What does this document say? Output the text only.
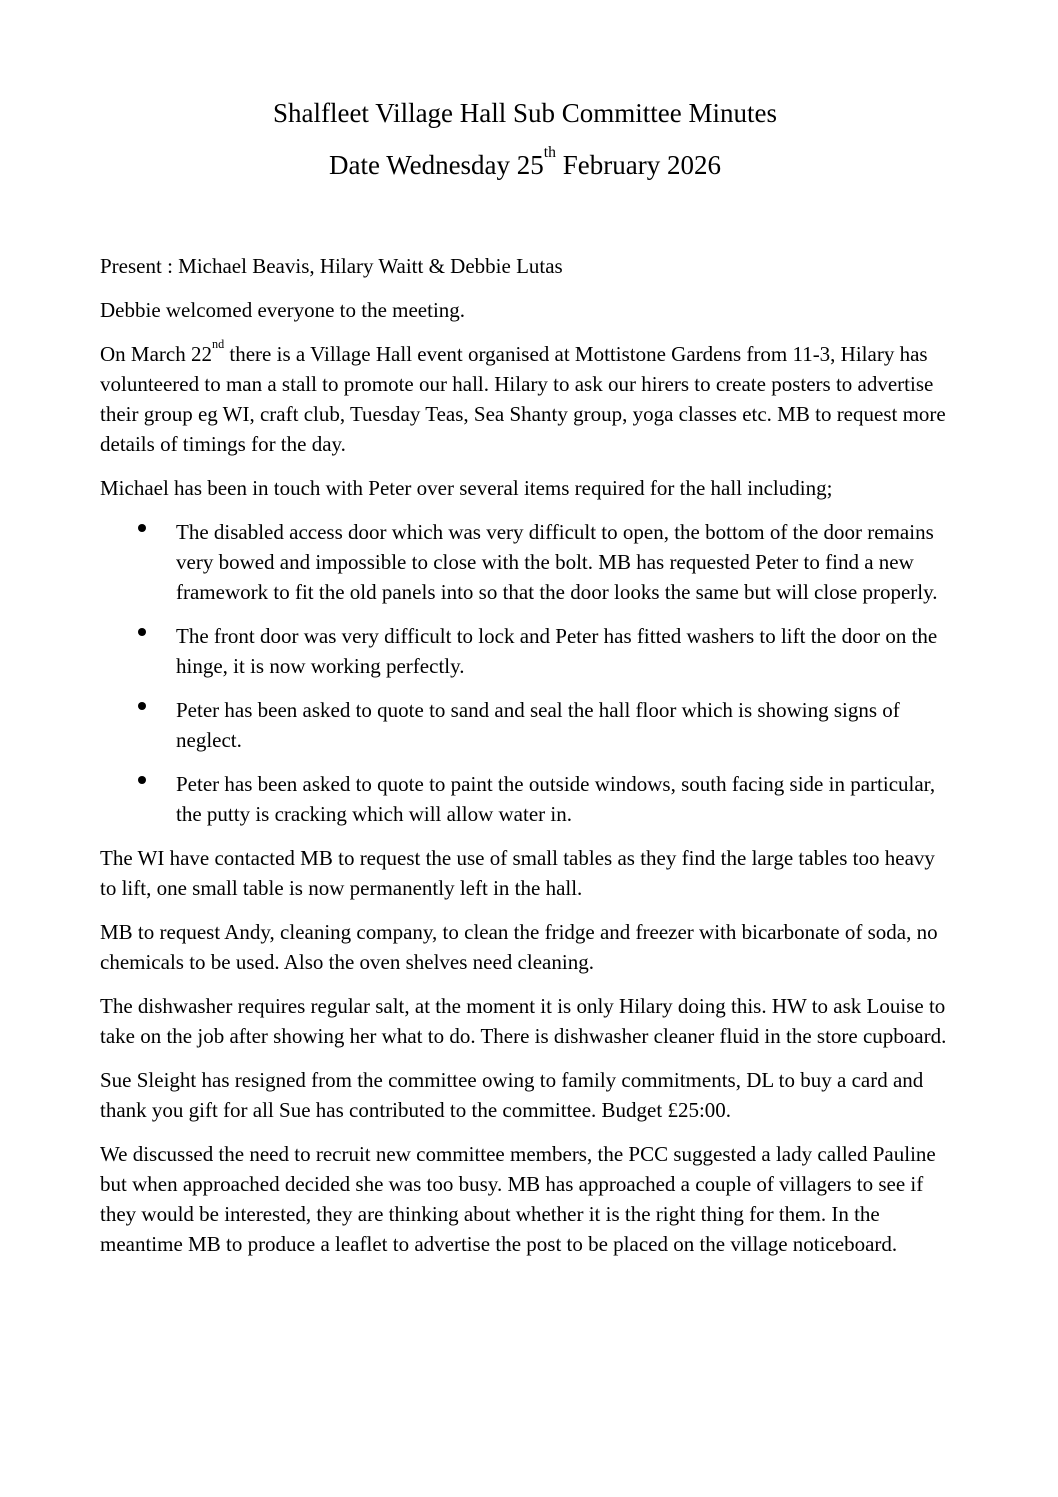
Shalfleet Village Hall Sub Committee Minutes
Date Wednesday 25th February 2026

Present : Michael Beavis, Hilary Waitt & Debbie Lutas

Debbie welcomed everyone to the meeting.

On March 22nd there is a Village Hall event organised at Mottistone Gardens from 11-3, Hilary has volunteered to man a stall to promote our hall. Hilary to ask our hirers to create posters to advertise their group eg WI, craft club, Tuesday Teas, Sea Shanty group, yoga classes etc. MB to request more details of timings for the day.

Michael has been in touch with Peter over several items required for the hall including;

The disabled access door which was very difficult to open, the bottom of the door remains very bowed and impossible to close with the bolt. MB has requested Peter to find a new framework to fit the old panels into so that the door looks the same but will close properly.
The front door was very difficult to lock and Peter has fitted washers to lift the door on the hinge, it is now working perfectly.
Peter has been asked to quote to sand and seal the hall floor which is showing signs of neglect.
Peter has been asked to quote to paint the outside windows, south facing side in particular, the putty is cracking which will allow water in.

The WI have contacted MB to request the use of small tables as they find the large tables too heavy to lift, one small table is now permanently left in the hall.

MB to request Andy, cleaning company, to clean the fridge and freezer with bicarbonate of soda, no chemicals to be used. Also the oven shelves need cleaning.

The dishwasher requires regular salt, at the moment it is only Hilary doing this. HW to ask Louise to take on the job after showing her what to do. There is dishwasher cleaner fluid in the store cupboard.

Sue Sleight has resigned from the committee owing to family commitments, DL to buy a card and thank you gift for all Sue has contributed to the committee. Budget £25:00.

We discussed the need to recruit new committee members, the PCC suggested a lady called Pauline but when approached decided she was too busy. MB has approached a couple of villagers to see if they would be interested, they are thinking about whether it is the right thing for them. In the meantime MB to produce a leaflet to advertise the post to be placed on the village noticeboard.
